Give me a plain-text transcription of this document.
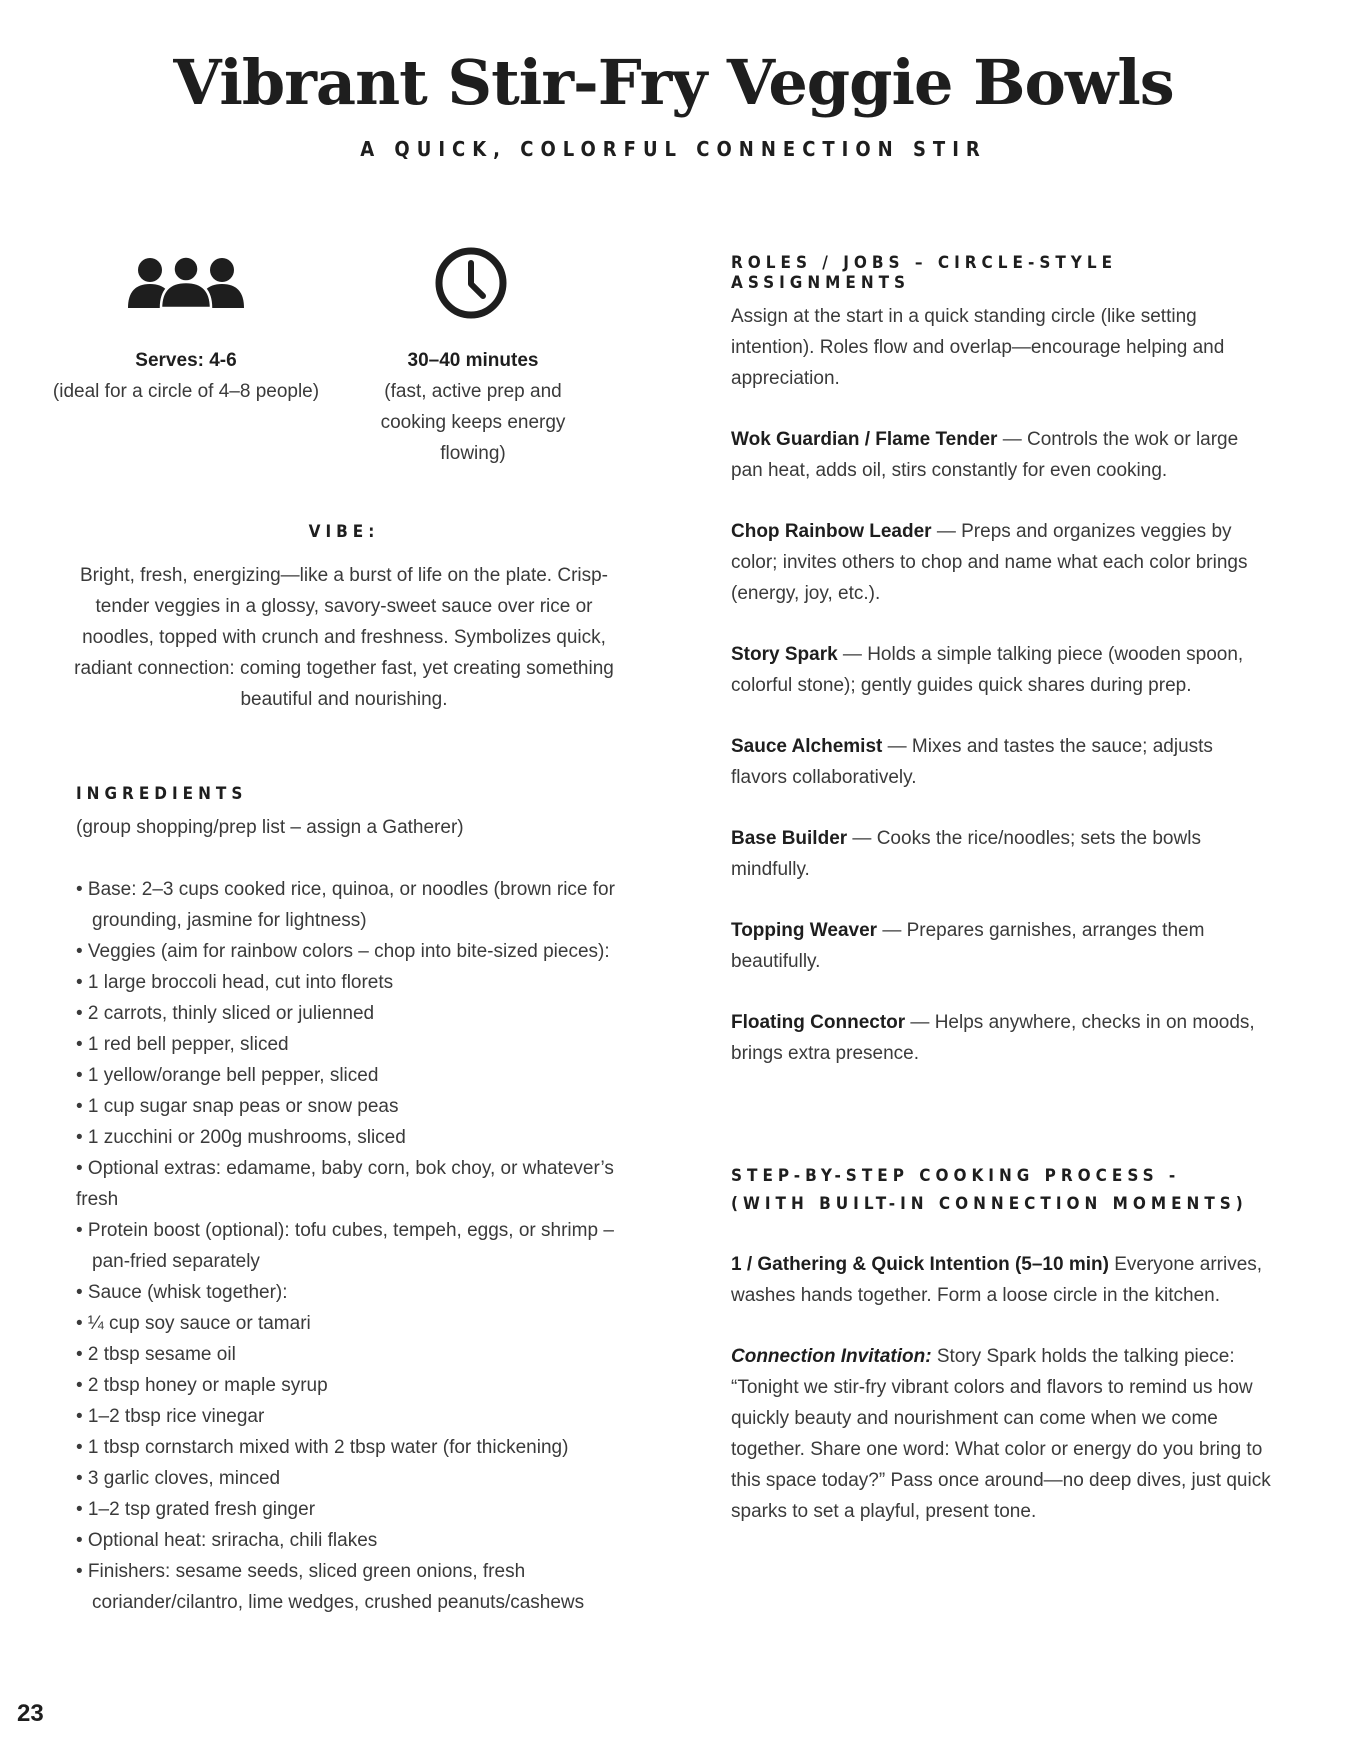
Vibrant Stir-Fry Veggie Bowls
A QUICK, COLORFUL CONNECTION STIR
Serves: 4-6
(ideal for a circle of 4–8 people)
30–40 minutes
(fast, active prep and cooking keeps energy flowing)
VIBE:

Bright, fresh, energizing—like a burst of life on the plate. Crisp-tender veggies in a glossy, savory-sweet sauce over rice or noodles, topped with crunch and freshness. Symbolizes quick, radiant connection: coming together fast, yet creating something beautiful and nourishing.

INGREDIENTS

(group shopping/prep list – assign a Gatherer)

• Base: 2–3 cups cooked rice, quinoa, or noodles (brown rice for grounding, jasmine for lightness)
• Veggies (aim for rainbow colors – chop into bite-sized pieces):
• 1 large broccoli head, cut into florets
• 2 carrots, thinly sliced or julienned
• 1 red bell pepper, sliced
• 1 yellow/orange bell pepper, sliced
• 1 cup sugar snap peas or snow peas
• 1 zucchini or 200g mushrooms, sliced
• Optional extras: edamame, baby corn, bok choy, or whatever’s fresh
• Protein boost (optional): tofu cubes, tempeh, eggs, or shrimp – pan-fried separately
• Sauce (whisk together):
• ¼ cup soy sauce or tamari
• 2 tbsp sesame oil
• 2 tbsp honey or maple syrup
• 1–2 tbsp rice vinegar
• 1 tbsp cornstarch mixed with 2 tbsp water (for thickening)
• 3 garlic cloves, minced
• 1–2 tsp grated fresh ginger
• Optional heat: sriracha, chili flakes
• Finishers: sesame seeds, sliced green onions, fresh coriander/cilantro, lime wedges, crushed peanuts/cashews
ROLES / JOBS – CIRCLE-STYLE ASSIGNMENTS

Assign at the start in a quick standing circle (like setting intention). Roles flow and overlap—encourage helping and appreciation.

Wok Guardian / Flame Tender — Controls the wok or large pan heat, adds oil, stirs constantly for even cooking.

Chop Rainbow Leader — Preps and organizes veggies by color; invites others to chop and name what each color brings (energy, joy, etc.).

Story Spark — Holds a simple talking piece (wooden spoon, colorful stone); gently guides quick shares during prep.

Sauce Alchemist — Mixes and tastes the sauce; adjusts flavors collaboratively.

Base Builder — Cooks the rice/noodles; sets the bowls mindfully.

Topping Weaver — Prepares garnishes, arranges them beautifully.

Floating Connector — Helps anywhere, checks in on moods, brings extra presence.

STEP-BY-STEP COOKING PROCESS -
(WITH BUILT-IN CONNECTION MOMENTS)

1 / Gathering & Quick Intention (5–10 min) Everyone arrives, washes hands together. Form a loose circle in the kitchen.

Connection Invitation: Story Spark holds the talking piece: “Tonight we stir-fry vibrant colors and flavors to remind us how quickly beauty and nourishment can come when we come together. Share one word: What color or energy do you bring to this space today?” Pass once around—no deep dives, just quick sparks to set a playful, present tone.

23
